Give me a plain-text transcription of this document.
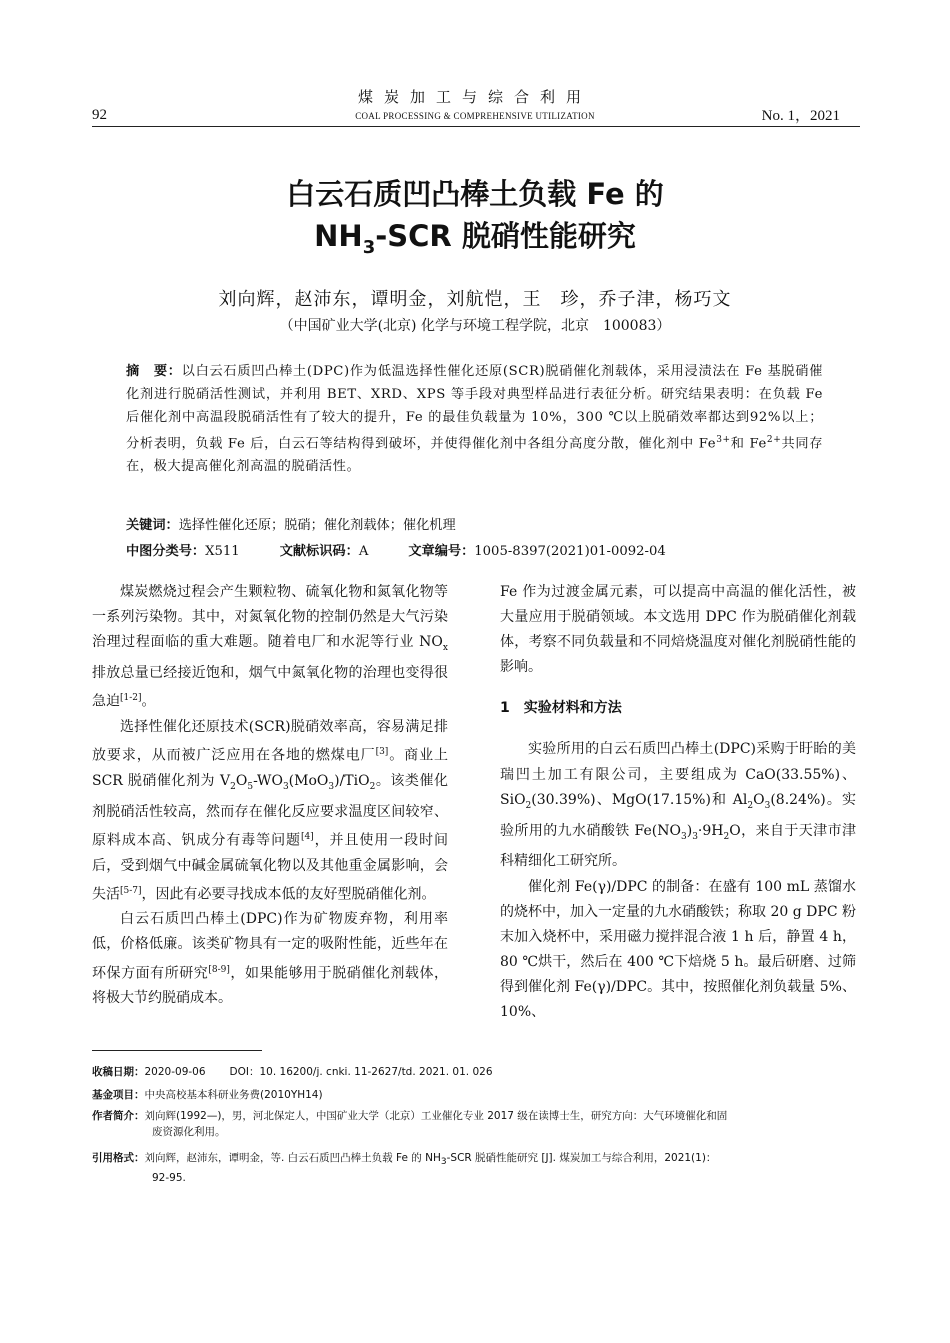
煤炭加工与综合利用
COAL PROCESSING & COMPREHENSIVE UTILIZATION
92	No. 1，2021
白云石质凹凸棒土负载 Fe 的
$NH_3$-SCR 脱硝性能研究
刘向辉，赵沛东，谭明金，刘航恺，王　珍，乔子津，杨巧文
（中国矿业大学(北京) 化学与环境工程学院，北京　100083）
摘　要：以白云石质凹凸棒土(DPC)作为低温选择性催化还原(SCR)脱硝催化剂载体，采用浸渍法在 Fe 基脱硝催化剂进行脱硝活性测试，并利用 BET、XRD、XPS 等手段对典型样品进行表征分析。研究结果表明：在负载 Fe 后催化剂中高温段脱硝活性有了较大的提升，Fe 的最佳负载量为 10%，300 ℃以上脱硝效率都达到92%以上；分析表明，负载 Fe 后，白云石等结构得到破坏，并使得催化剂中各组分高度分散，催化剂中 $Fe^{3+}$和 $Fe^{2+}$共同存在，极大提高催化剂高温的脱硝活性。
关键词：选择性催化还原；脱硝；催化剂载体；催化机理
中图分类号：X511	文献标识码：A	文章编号：1005-8397(2021)01-0092-04

煤炭燃烧过程会产生颗粒物、硫氧化物和氮氧化物等一系列污染物。其中，对氮氧化物的控制仍然是大气污染治理过程面临的重大难题。随着电厂和水泥等行业 $NO_x$ 排放总量已经接近饱和，烟气中氮氧化物的治理也变得很急迫[1-2]。

选择性催化还原技术(SCR)脱硝效率高，容易满足排放要求，从而被广泛应用在各地的燃煤电厂[3]。商业上 SCR 脱硝催化剂为 $V_2O_5-WO_3(MoO_3)/TiO_2$。该类催化剂脱硝活性较高，然而存在催化反应要求温度区间较窄、原料成本高、钒成分有毒等问题[4]，并且使用一段时间后，受到烟气中碱金属硫氧化物以及其他重金属影响，会失活[5-7]，因此有必要寻找成本低的友好型脱硝催化剂。

白云石质凹凸棒土(DPC)作为矿物废弃物，利用率低，价格低廉。该类矿物具有一定的吸附性能，近些年在环保方面有所研究[8-9]，如果能够用于脱硝催化剂载体，将极大节约脱硝成本。

Fe 作为过渡金属元素，可以提高中高温的催化活性，被大量应用于脱硝领域。本文选用 DPC 作为脱硝催化剂载体，考察不同负载量和不同焙烧温度对催化剂脱硝性能的影响。

1　实验材料和方法

实验所用的白云石质凹凸棒土(DPC)采购于盱眙的美瑞凹土加工有限公司，主要组成为 CaO(33.55%)、SiO$_2$(30.39%)、MgO(17.15%)和 $Al_2O_3(8.24\%)$。实验所用的九水硝酸铁 $Fe(NO_3)_3\cdot 9H_2O$，来自于天津市津科精细化工研究所。

催化剂 Fe(γ)/DPC 的制备：在盛有 100 mL 蒸馏水的烧杯中，加入一定量的九水硝酸铁；称取 20 g DPC 粉末加入烧杯中，采用磁力搅拌混合液 1 h 后，静置 4 h，80 ℃烘干，然后在 400 ℃下焙烧 5 h。最后研磨、过筛得到催化剂 Fe(γ)/DPC。其中，按照催化剂负载量 5%、10%、

收稿日期：2020-09-06 DOI：10. 16200/j. cnki. 11-2627/td. 2021. 01. 026
基金项目：中央高校基本科研业务费(2010YH14)
作者简介：刘向辉(1992—)，男，河北保定人，中国矿业大学（北京）工业催化专业 2017 级在读博士生，研究方向：大气环境催化和固
废资源化利用。
引用格式：刘向辉，赵沛东，谭明金，等. 白云石质凹凸棒土负载 Fe 的 NH3-SCR 脱硝性能研究 [J]. 煤炭加工与综合利用，2021(1)：
92-95.
